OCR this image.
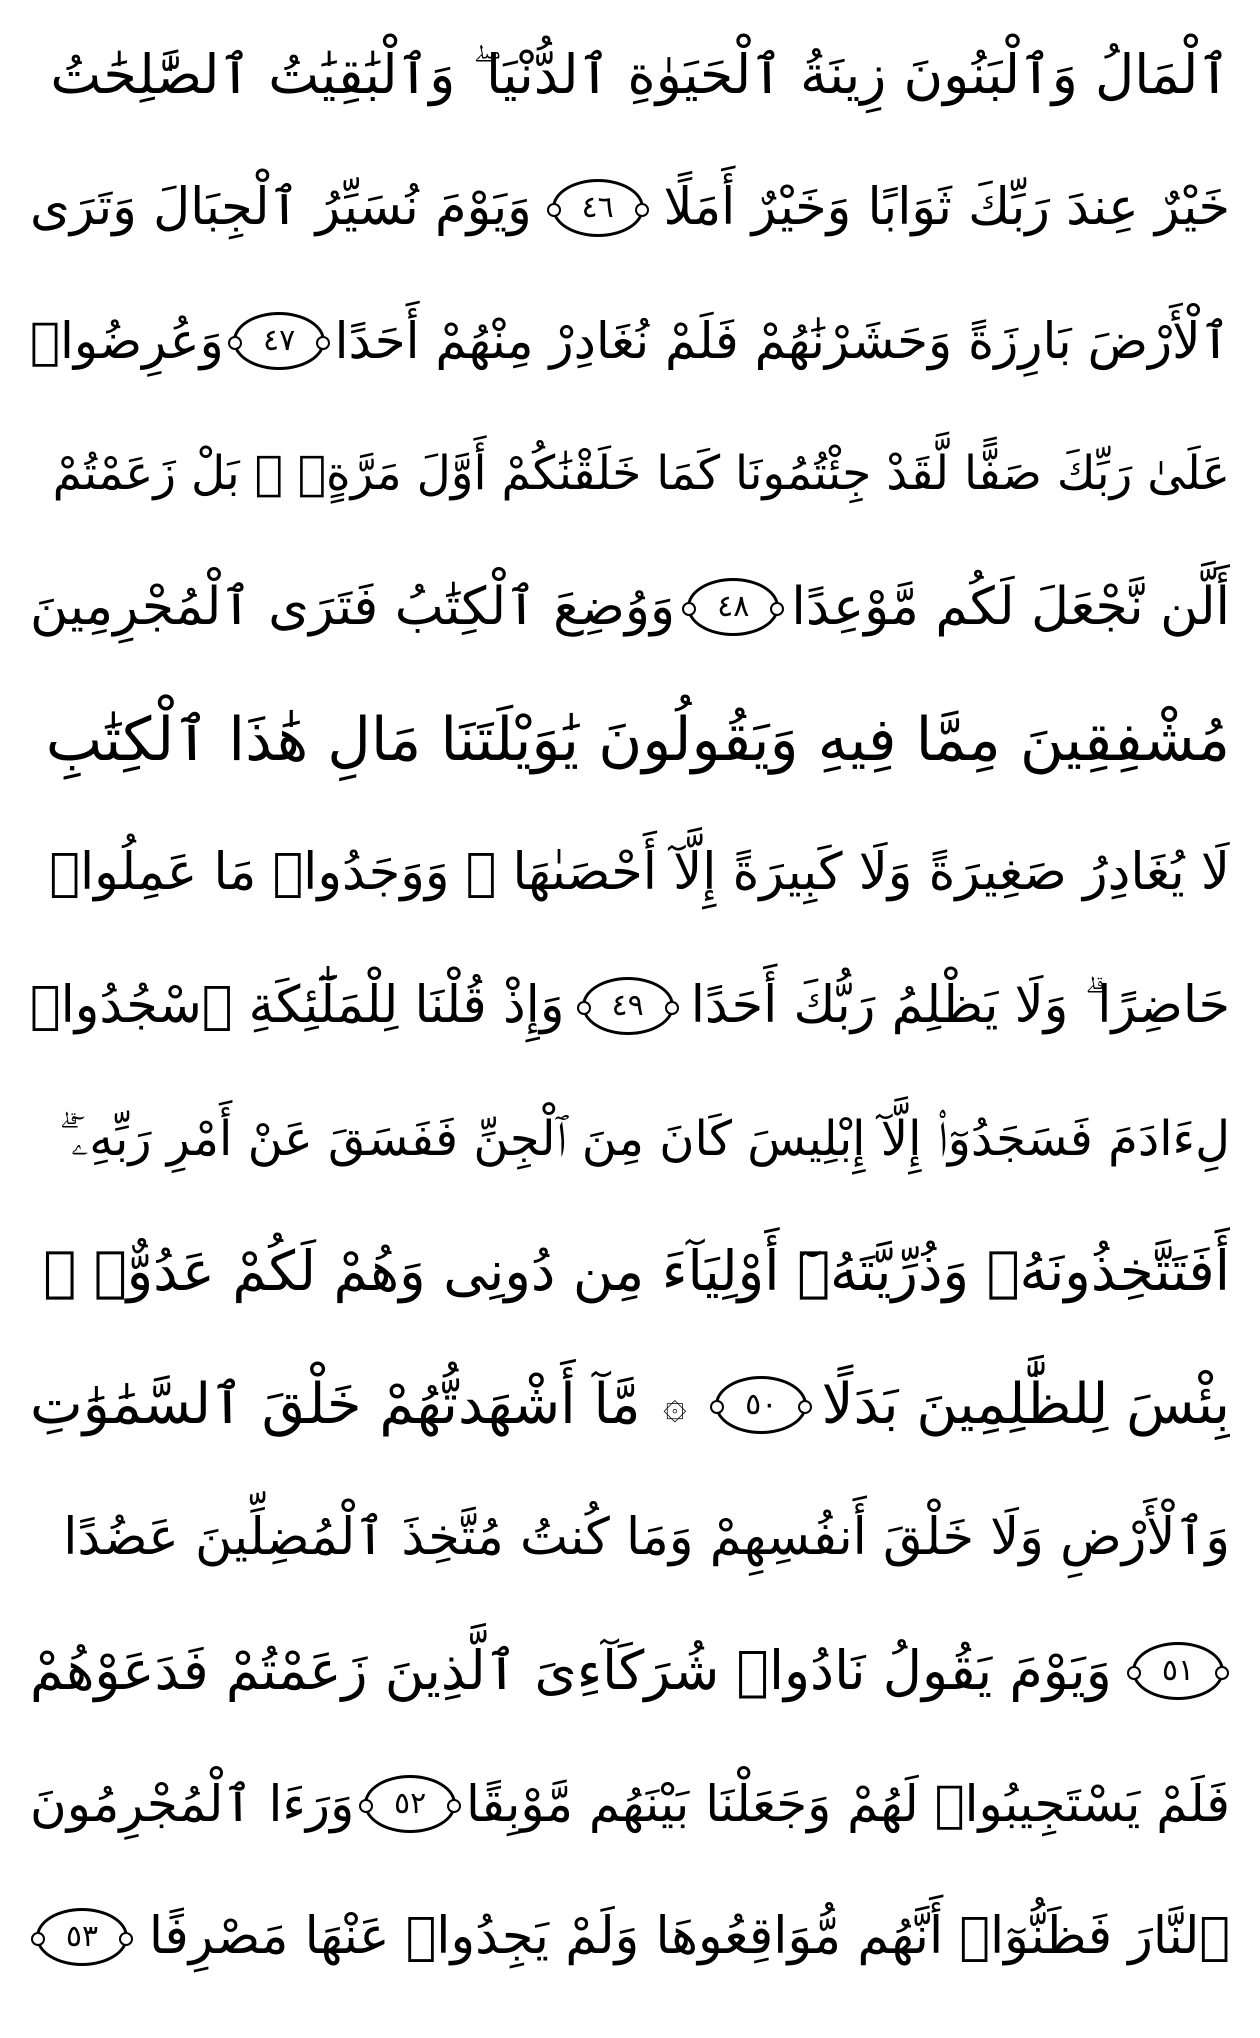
ٱلْمَالُ وَٱلْبَنُونَ زِينَةُ ٱلْحَيَوٰةِ ٱلدُّنْيَا ۖ وَٱلْبَٰقِيَٰتُ ٱلصَّٰلِحَٰتُ
خَيْرٌ عِندَ رَبِّكَ ثَوَابًا وَخَيْرٌ أَمَلًا
٤٦
وَيَوْمَ نُسَيِّرُ ٱلْجِبَالَ وَتَرَى
ٱلْأَرْضَ بَارِزَةً وَحَشَرْنَٰهُمْ فَلَمْ نُغَادِرْ مِنْهُمْ أَحَدًا
٤٧
وَعُرِضُوا۟
عَلَىٰ رَبِّكَ صَفًّا لَّقَدْ جِئْتُمُونَا كَمَا خَلَقْنَٰكُمْ أَوَّلَ مَرَّةٍۭ ۚ بَلْ زَعَمْتُمْ
أَلَّن نَّجْعَلَ لَكُم مَّوْعِدًا
٤٨
وَوُضِعَ ٱلْكِتَٰبُ فَتَرَى ٱلْمُجْرِمِينَ
مُشْفِقِينَ مِمَّا فِيهِ وَيَقُولُونَ يَٰوَيْلَتَنَا مَالِ هَٰذَا ٱلْكِتَٰبِ
لَا يُغَادِرُ صَغِيرَةً وَلَا كَبِيرَةً إِلَّآ أَحْصَىٰهَا ۚ وَوَجَدُوا۟ مَا عَمِلُوا۟
حَاضِرًا ۗ وَلَا يَظْلِمُ رَبُّكَ أَحَدًا
٤٩
وَإِذْ قُلْنَا لِلْمَلَٰٓئِكَةِ ٱسْجُدُوا۟
لِءَادَمَ فَسَجَدُوٓا۟ إِلَّآ إِبْلِيسَ كَانَ مِنَ ٱلْجِنِّ فَفَسَقَ عَنْ أَمْرِ رَبِّهِۦٓ ۗ
أَفَتَتَّخِذُونَهُۥ وَذُرِّيَّتَهُۥٓ أَوْلِيَآءَ مِن دُونِى وَهُمْ لَكُمْ عَدُوٌّۢ ۚ
بِئْسَ لِلظَّٰلِمِينَ بَدَلًا
٥٠
۞
مَّآ أَشْهَدتُّهُمْ خَلْقَ ٱلسَّمَٰوَٰتِ
وَٱلْأَرْضِ وَلَا خَلْقَ أَنفُسِهِمْ وَمَا كُنتُ مُتَّخِذَ ٱلْمُضِلِّينَ عَضُدًا
٥١
وَيَوْمَ يَقُولُ نَادُوا۟ شُرَكَآءِىَ ٱلَّذِينَ زَعَمْتُمْ فَدَعَوْهُمْ
فَلَمْ يَسْتَجِيبُوا۟ لَهُمْ وَجَعَلْنَا بَيْنَهُم مَّوْبِقًا
٥٢
وَرَءَا ٱلْمُجْرِمُونَ
ٱلنَّارَ فَظَنُّوٓا۟ أَنَّهُم مُّوَاقِعُوهَا وَلَمْ يَجِدُوا۟ عَنْهَا مَصْرِفًا
٥٣
